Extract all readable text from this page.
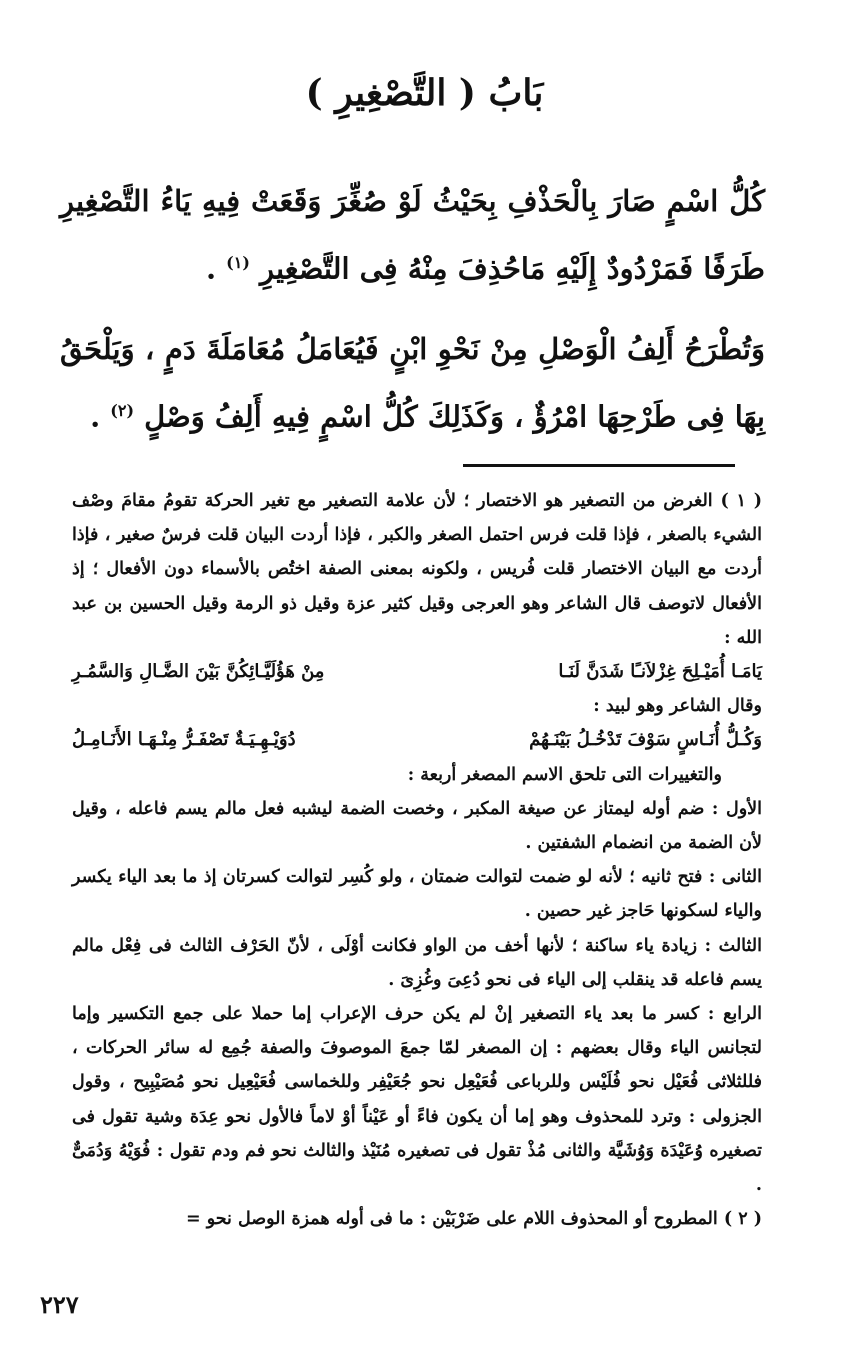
بَابُ ( التَّصْغِيرِ )

كُلُّ اسْمٍ صَارَ بِالْحَذْفِ بِحَيْثُ لَوْ صُغِّرَ وَقَعَتْ فِيهِ يَاءُ التَّصْغِيرِ طَرَفًا فَمَرْدُودٌ إِلَيْهِ مَاحُذِفَ مِنْهُ فِى التَّصْغِيرِ $^{(١)}$ .

وَتُطْرَحُ أَلِفُ الْوَصْلِ مِنْ نَحْوِ ابْنٍ فَيُعَامَلُ مُعَامَلَةَ دَمٍ ، وَيَلْحَقُ بِهَا فِى طَرْحِهَا امْرُؤٌ ، وَكَذَلِكَ كُلُّ اسْمٍ فِيهِ أَلِفُ وَصْلٍ $^{(٢)}$ .

( ١ ) الغرض من التصغير هو الاختصار ؛ لأن علامة التصغير مع تغير الحركة تقومُ مقامَ وصْف الشيء بالصغر ، فإذا قلت فرس احتمل الصغر والكبر ، فإذا أردت البيان قلت فرسٌ صغير ، فإذا أردت مع البيان الاختصار قلت فُريس ، ولكونه بمعنى الصفة اختُص بالأسماء دون الأفعال ؛ إذ الأفعال لاتوصف قال الشاعر وهو العرجى وقيل كثير عزة وقيل ذو الرمة وقيل الحسين بن عبد الله :

يَامَـا أُمَيْـلِحَ غِزْلاَنـًا شَدَنَّ لَنَـا
مِنْ هَؤُلَيَّـائِكُنَّ بَيْنَ الضَّـالِ وَالسَّمُـرِ

وقال الشاعر وهو لبيد :

وَكُـلُّ أُنَـاسٍ سَوْفَ تَدْخُـلُ بَيْنَـهُمْ
دُوَيْـهِـيَـةٌ تَصْفَـرُّ مِنْـهَـا الأَنَـامِـلُ

والتغييرات التى تلحق الاسم المصغر أربعة :

الأول : ضم أوله ليمتاز عن صيغة المكبر ، وخصت الضمة ليشبه فعل مالم يسم فاعله ، وقيل لأن الضمة من انضمام الشفتين .

الثانى : فتح ثانيه ؛ لأنه لو ضمت لتوالت ضمتان ، ولو كُسِر لتوالت كسرتان إذ ما بعد الياء يكسر والياء لسكونها حَاجز غير حصين .

الثالث : زيادة ياء ساكنة ؛ لأنها أخف من الواو فكانت أوْلَى ، لأنّ الحَرْف الثالث فى فِعْل مالم يسم فاعله قد ينقلب إلى الياء فى نحو دُعِىَ وغُزِىَ .

الرابع : كسر ما بعد ياء التصغير إنْ لم يكن حرف الإعراب إما حملا على جمع التكسير وإما لتجانس الياء وقال بعضهم : إن المصغر لمّا جمعَ الموصوفَ والصفة جُمِع له سائر الحركات ، فللثلاثى فُعَيْل نحو فُلَيْس وللرباعى فُعَيْعِل نحو جُعَيْفِر وللخماسى فُعَيْعِيل نحو مُصَيْبِيح ، وقول الجزولى : وترد للمحذوف وهو إما أن يكون فاءً أو عَيْناً أوْ لاماً فالأول نحو عِدَة وشية تقول فى تصغيره وُعَيْدَة وَوُشَيَّة والثانى مُذْ تقول فى تصغيره مُنَيْذ والثالث نحو فم ودم تقول : فُوَيْهُ وَدُمَىٌّ .

( ٢ ) المطروح أو المحذوف اللام على ضَرْبَيْن : ما فى أوله همزة الوصل نحو =

٢٢٧
